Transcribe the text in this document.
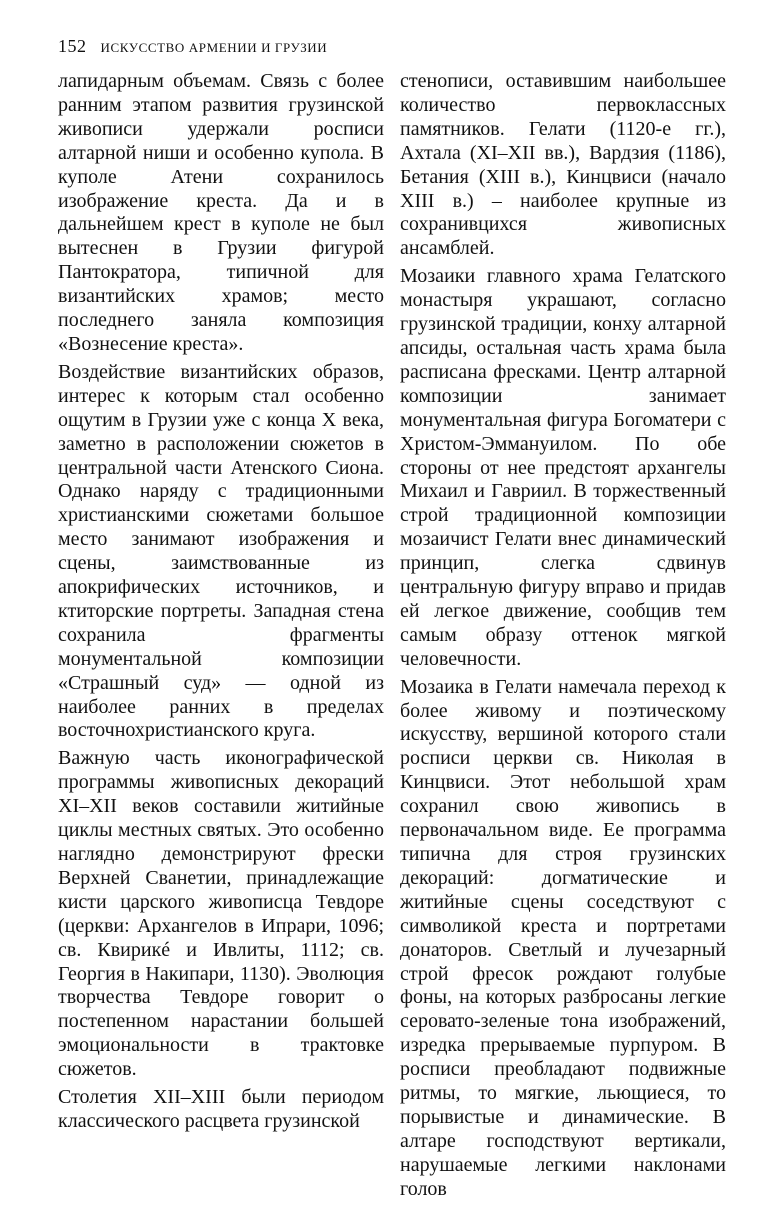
152 ИСКУССТВО АРМЕНИИ И ГРУЗИИ

лапидарным объемам. Связь с более ранним этапом развития грузинской живописи удержали росписи алтарной ниши и особенно купола. В куполе Атени сохранилось изображение креста. Да и в дальнейшем крест в куполе не был вытеснен в Грузии фигурой Пантократора, типичной для византийских храмов; место последнего заняла композиция «Вознесение креста».

Воздействие византийских образов, интерес к которым стал особенно ощутим в Грузии уже с конца X века, заметно в расположении сюжетов в центральной части Атенского Сиона. Однако наряду с традиционными христианскими сюжетами большое место занимают изображения и сцены, заимствованные из апокрифических источников, и ктиторские портреты. Западная стена сохранила фрагменты монументальной композиции «Страшный суд» — одной из наиболее ранних в пределах восточнохристианского круга.

Важную часть иконографической программы живописных декораций XI–XII веков составили житийные циклы местных святых. Это особенно наглядно демонстрируют фрески Верхней Сванетии, принадлежащие кисти царского живописца Тевдоре (церкви: Архангелов в Ипрари, 1096; св. Квирикé и Ивлиты, 1112; св. Георгия в Накипари, 1130). Эволюция творчества Тевдоре говорит о постепенном нарастании большей эмоциональности в трактовке сюжетов.

Столетия XII–XIII были периодом классического расцвета грузинской

стенописи, оставившим наибольшее количество первоклассных памятников. Гелати (1120-е гг.), Ахтала (XI–XII вв.), Вардзия (1186), Бетания (XIII в.), Кинцвиси (начало XIII в.) – наиболее крупные из сохранивцихся живописных ансамблей.

Мозаики главного храма Гелатского монастыря украшают, согласно грузинской традиции, конху алтарной апсиды, остальная часть храма была расписана фресками. Центр алтарной композиции занимает монументальная фигура Богоматери с Христом-Эммануилом. По обе стороны от нее предстоят архангелы Михаил и Гавриил. В торжественный строй традиционной композиции мозаичист Гелати внес динамический принцип, слегка сдвинув центральную фигуру вправо и придав ей легкое движение, сообщив тем самым образу оттенок мягкой человечности.

Мозаика в Гелати намечала переход к более живому и поэтическому искусству, вершиной которого стали росписи церкви св. Николая в Кинцвиси. Этот небольшой храм сохранил свою живопись в первоначальном виде. Ее программа типична для строя грузинских декораций: догматические и житийные сцены соседствуют с символикой креста и портретами донаторов. Светлый и лучезарный строй фресок рождают голубые фоны, на которых разбросаны легкие серовато-зеленые тона изображений, изредка прерываемые пурпуром. В росписи преобладают подвижные ритмы, то мягкие, льющиеся, то порывистые и динамические. В алтаре господствуют вертикали, нарушаемые легкими наклонами голов
